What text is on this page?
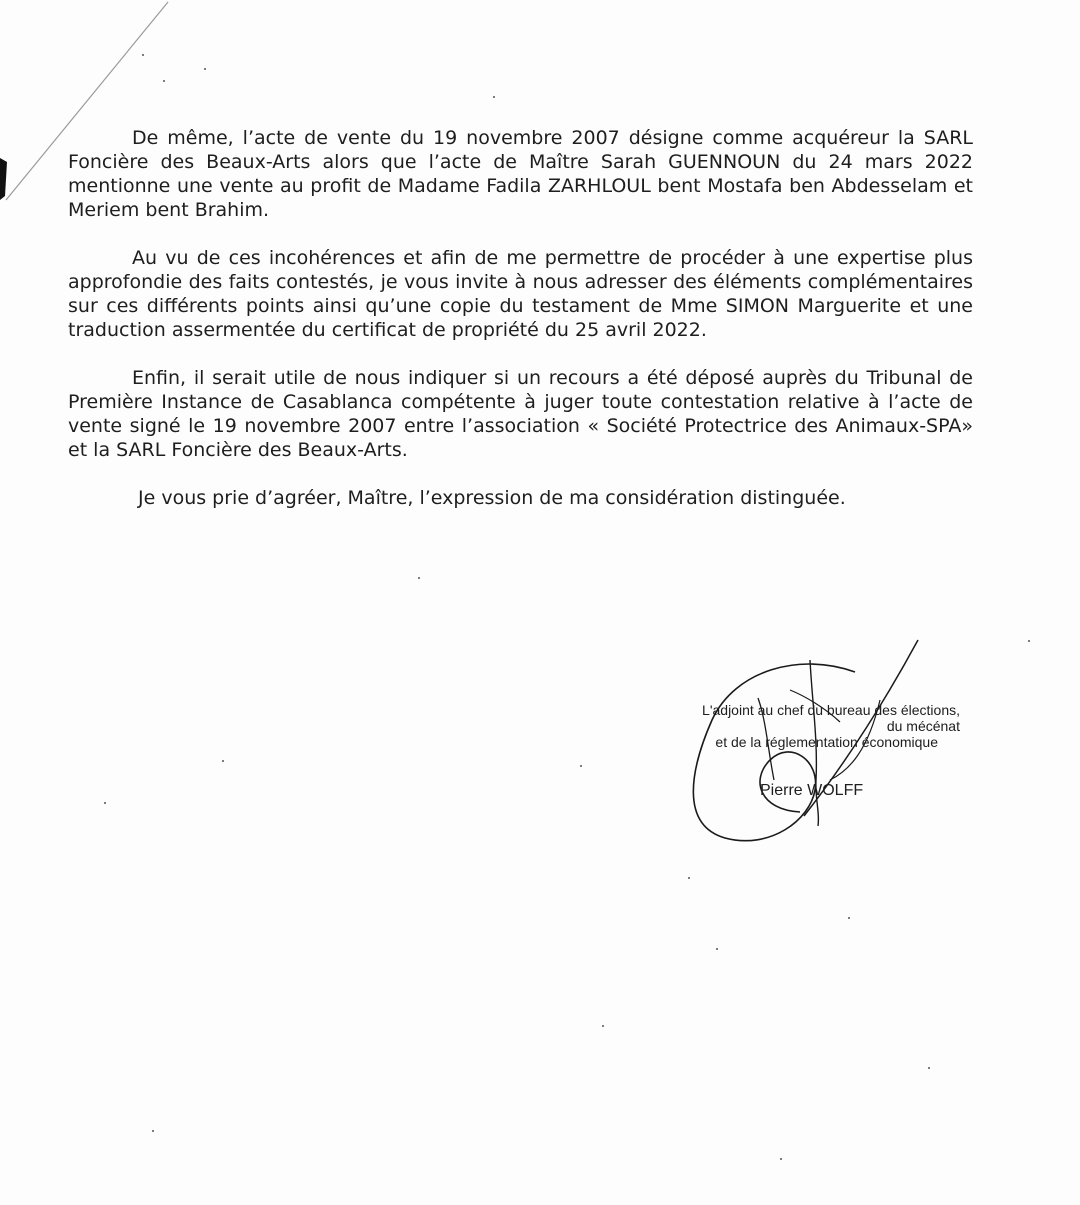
De même, l’acte de vente du 19 novembre 2007 désigne comme acquéreur la SARL Foncière des Beaux-Arts alors que l’acte de Maître Sarah GUENNOUN du 24 mars 2022 mentionne une vente au profit de Madame Fadila ZARHLOUL bent Mostafa ben Abdesselam et Meriem bent Brahim.

Au vu de ces incohérences et afin de me permettre de procéder à une expertise plus approfondie des faits contestés, je vous invite à nous adresser des éléments complémentaires sur ces différents points ainsi qu’une copie du testament de Mme SIMON Marguerite et une traduction assermentée du certificat de propriété du 25 avril 2022.

Enfin, il serait utile de nous indiquer si un recours a été déposé auprès du Tribunal de Première Instance de Casablanca compétente à juger toute contestation relative à l’acte de vente signé le 19 novembre 2007 entre l’association « Société Protectrice des Animaux-SPA» et la SARL Foncière des Beaux-Arts.

Je vous prie d’agréer, Maître, l’expression de ma considération distinguée.

L'adjoint au chef du bureau des élections,
du mécénat
et de la réglementation économique
Pierre WOLFF
